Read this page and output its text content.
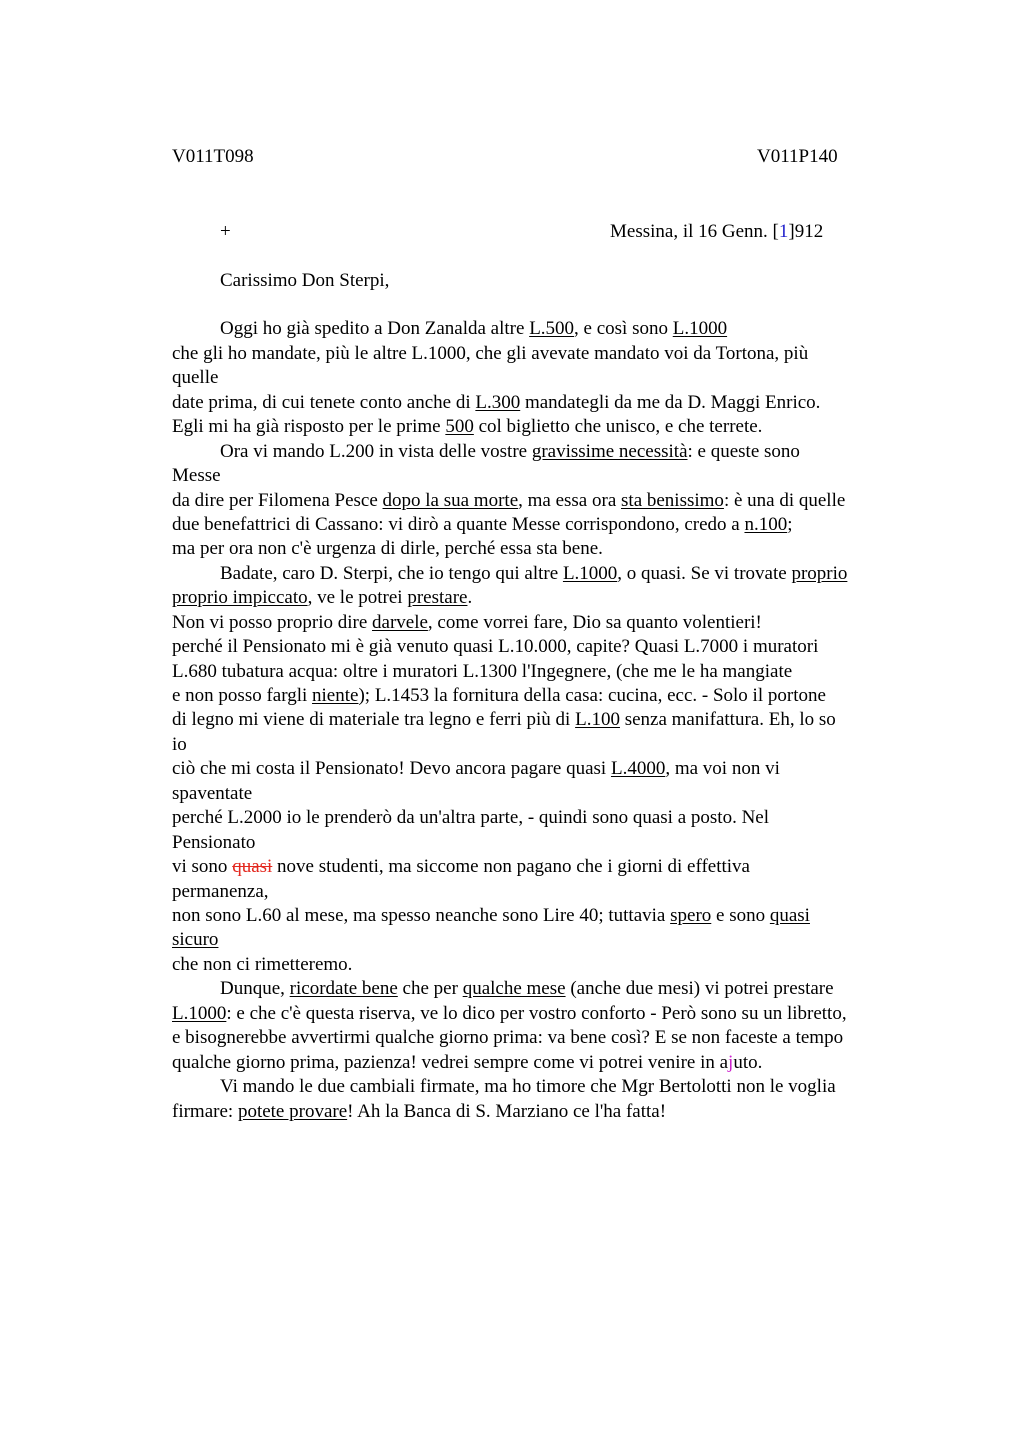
V011T098	V011P140
+	Messina, il 16 Genn. [1]912
Carissimo Don Sterpi,
Oggi ho già spedito a Don Zanalda altre L.500, e così sono L.1000
che gli ho mandate, più le altre L.1000, che gli avevate mandato voi da Tortona, più
quelle
date prima, di cui tenete conto anche di L.300 mandategli da me da D. Maggi Enrico.
Egli mi ha già risposto per le prime 500 col biglietto che unisco, e che terrete.
Ora vi mando L.200 in vista delle vostre gravissime necessità: e queste sono
Messe
da dire per Filomena Pesce dopo la sua morte, ma essa ora sta benissimo: è una di quelle
due benefattrici di Cassano: vi dirò a quante Messe corrispondono, credo a n.100;
ma per ora non c'è urgenza di dirle, perché essa sta bene.
Badate, caro D. Sterpi, che io tengo qui altre L.1000, o quasi. Se vi trovate proprio
proprio impiccato, ve le potrei prestare.
Non vi posso proprio dire darvele, come vorrei fare, Dio sa quanto volentieri!
perché il Pensionato mi è già venuto quasi L.10.000, capite? Quasi L.7000 i muratori
L.680 tubatura acqua: oltre i muratori L.1300 l'Ingegnere, (che me le ha mangiate
e non posso fargli niente); L.1453 la fornitura della casa: cucina, ecc. - Solo il portone
di legno mi viene di materiale tra legno e ferri più di L.100 senza manifattura. Eh, lo so
io
ciò che mi costa il Pensionato! Devo ancora pagare quasi L.4000, ma voi non vi
spaventate
perché L.2000 io le prenderò da un'altra parte, - quindi sono quasi a posto. Nel
Pensionato
vi sono quasi nove studenti, ma siccome non pagano che i giorni di effettiva
permanenza,
non sono L.60 al mese, ma spesso neanche sono Lire 40; tuttavia spero e sono quasi
sicuro
che non ci rimetteremo.
Dunque, ricordate bene che per qualche mese (anche due mesi) vi potrei prestare
L.1000: e che c'è questa riserva, ve lo dico per vostro conforto - Però sono su un libretto,
e bisognerebbe avvertirmi qualche giorno prima: va bene così? E se non faceste a tempo
qualche giorno prima, pazienza! vedrei sempre come vi potrei venire in ajuto.
Vi mando le due cambiali firmate, ma ho timore che Mgr Bertolotti non le voglia
firmare: potete provare! Ah la Banca di S. Marziano ce l'ha fatta!
